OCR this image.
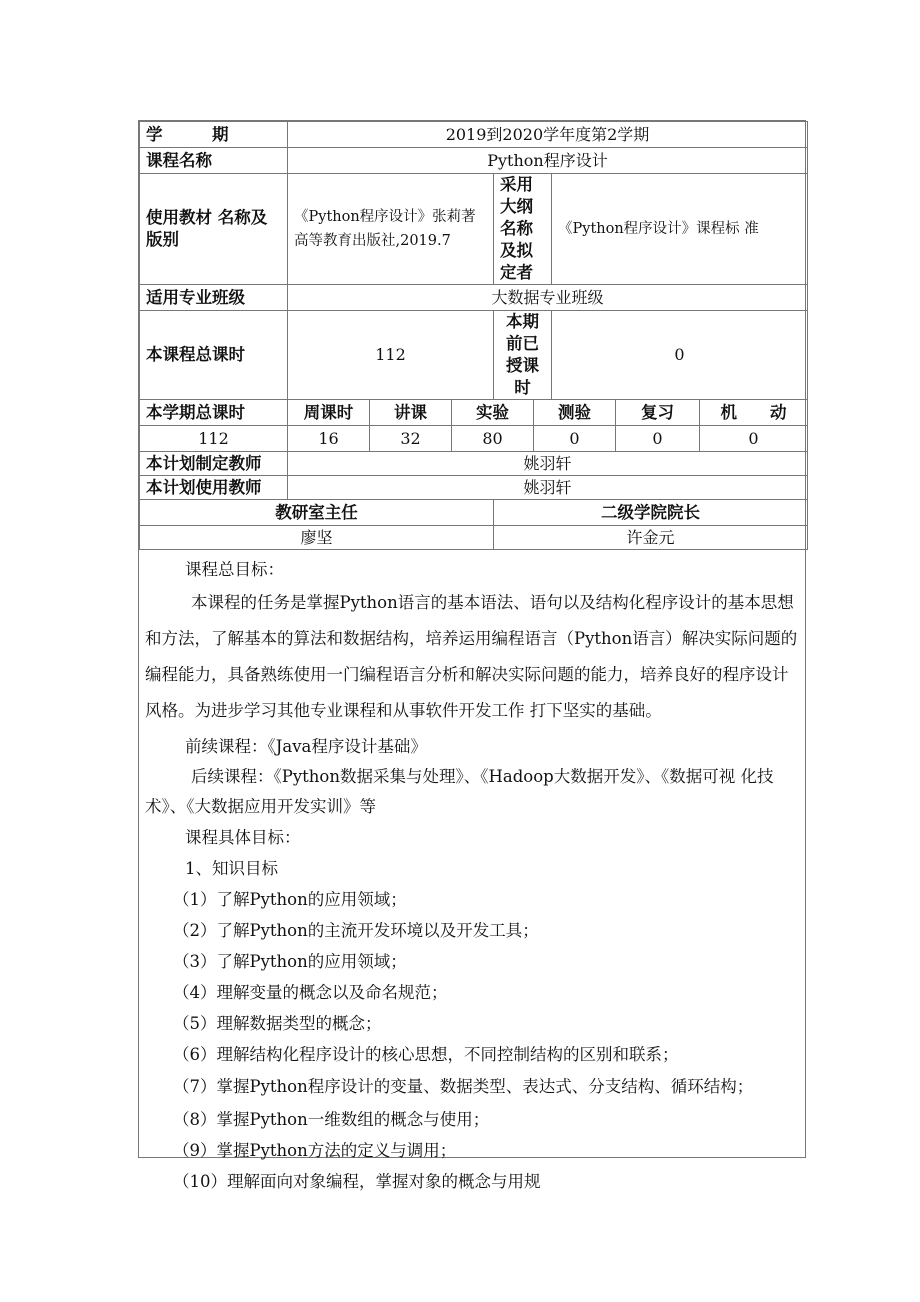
学　　　期	2019到2020学年度第2学期							
课程名称	Python程序设计							
使用教材 名称及版别	《Python程序设计》张莉著 高等教育出版社,2019.7			采用大纲名称及拟 定者		《Python程序设计》课程标 准		
适用专业班级	大数据专业班级							
本课程总课时	112			本期前已 授课时		0		
本学期总课时	周课时	讲课	实验		测验		复习	机　　动
112	16	32	80		0		0	0
本计划制定教师	姚羽轩							
本计划使用教师	姚羽轩							
教研室主任				二级学院院长				
廖坚				许金元				

课程总目标：

本课程的任务是掌握Python语言的基本语法、语句以及结构化程序设计的基本思想和方法，了解基本的算法和数据结构，培养运用编程语言（Python语言）解决实际问题的编程能力，具备熟练使用一门编程语言分析和解决实际问题的能力，培养良好的程序设计风格。为进步学习其他专业课程和从事软件开发工作 打下坚实的基础。

前续课程：《Java程序设计基础》

后续课程：《Python数据采集与处理》、《Hadoop大数据开发》、《数据可视 化技术》、《大数据应用开发实训》等

课程具体目标：

1、知识目标

（1）了解Python的应用领域；

（2）了解Python的主流开发环境以及开发工具；

（3）了解Python的应用领域；

（4）理解变量的概念以及命名规范；

（5）理解数据类型的概念；

（6）理解结构化程序设计的核心思想，不同控制结构的区别和联系；

（7）掌握Python程序设计的变量、数据类型、表达式、分支结构、循环结构；

（8）掌握Python一维数组的概念与使用；

（9）掌握Python方法的定义与调用；

（10）理解面向对象编程，掌握对象的概念与用规
